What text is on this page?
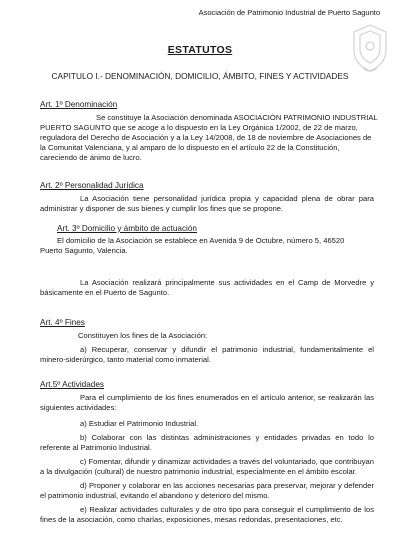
Asociación de Patrimonio Industrial de Puerto Sagunto
ESTATUTOS
CAPITULO I.- DENOMINACIÓN, DOMICILIO, ÁMBITO, FINES Y ACTIVIDADES
Art. 1º Denominación
Se constituye la Asociación denominada ASOCIACIÓN PATRIMONIO INDUSTRIAL
PUERTO SAGUNTO que se acoge a lo dispuesto en la Ley Orgánica 1/2002, de 22 de marzo,
reguladora del Derecho de Asociación y a la Ley 14/2008, de 18 de noviembre de Asociaciones de
la Comunitat Valenciana, y al amparo de lo dispuesto en el artículo 22 de la Constitución,
careciendo de ánimo de lucro.
Art. 2º Personalidad Jurídica
La Asociación tiene personalidad jurídica propia y capacidad plena de obrar para administrar y disponer de sus bienes y cumplir los fines que se propone.
Art. 3º Domicilio y ámbito de actuación
El domicilio de la Asociación se establece en Avenida 9 de Octubre, número 5, 46520
Puerto Sagunto, Valencia.
La Asociación realizará principalmente sus actividades en el Camp de Morvedre y básicamente en el Puerto de Sagunto.
Art. 4º Fines
Constituyen los fines de la Asociación:
a) Recuperar, conservar y difundir el patrimonio industrial, fundamentalmente el minero-siderúrgico, tanto material como inmaterial.
Art.5º Actividades
Para el cumplimiento de los fines enumerados en el artículo anterior, se realizarán las siguientes actividades:
a) Estudiar el Patrimonio Industrial.
b) Colaborar con las distintas administraciones y entidades privadas en todo lo referente al Patrimonio Industrial.
c) Fomentar, difundir y dinamizar actividades a través del voluntariado, que contribuyan a la divulgación (cultural) de nuestro patrimonio industrial, especialmente en el ámbito escolar.
d) Proponer y colaborar en las acciones necesarias para preservar, mejorar y defender el patrimonio industrial, evitando el abandono y deterioro del mismo.
e) Realizar actividades culturales y de otro tipo para conseguir el cumplimiento de los fines de la asociación, como charlas, exposiciones, mesas redondas, presentaciones, etc.
